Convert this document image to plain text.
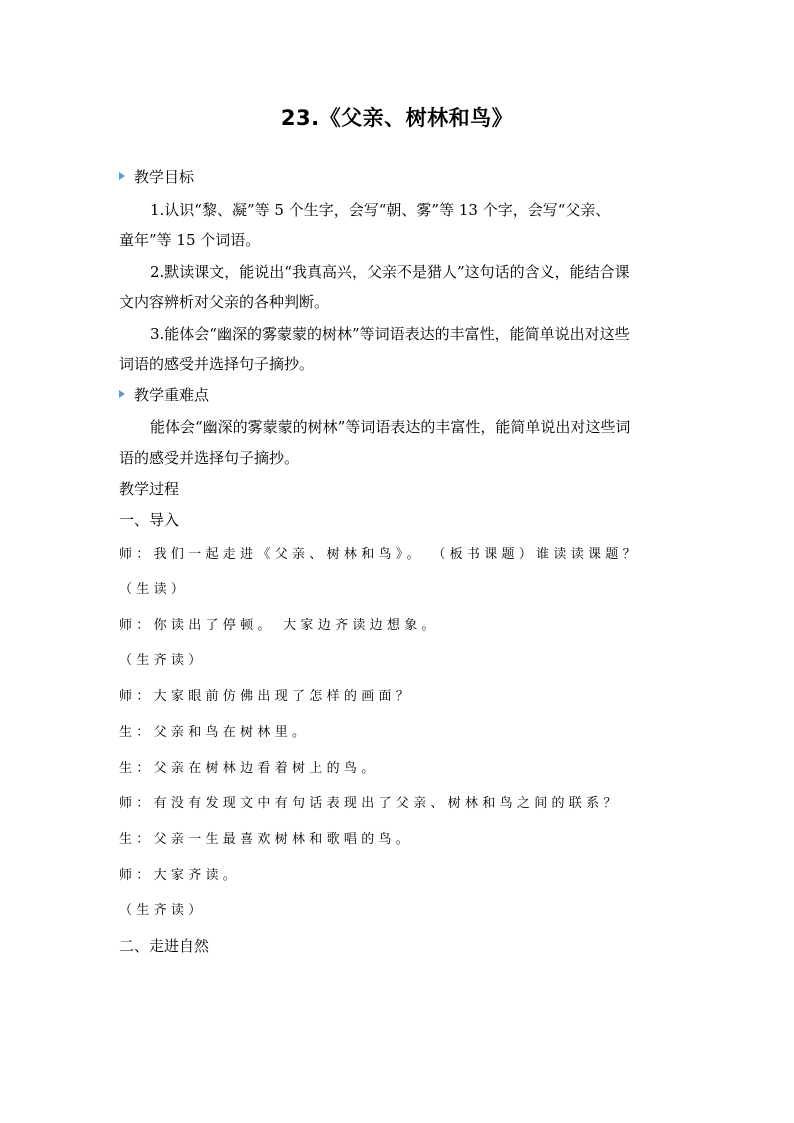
23.《父亲、树林和鸟》
教学目标
1.认识“黎、凝”等 5 个生字，会写“朝、雾”等 13 个字，会写“父亲、
童年”等 15 个词语。
2.默读课文，能说出“我真高兴，父亲不是猎人”这句话的含义，能结合课
文内容辨析对父亲的各种判断。
3.能体会“幽深的雾蒙蒙的树林”等词语表达的丰富性，能简单说出对这些
词语的感受并选择句子摘抄。
教学重难点
能体会“幽深的雾蒙蒙的树林”等词语表达的丰富性，能简单说出对这些词
语的感受并选择句子摘抄。
教学过程
一、导入
师：我们一起走进《父亲、树林和鸟》。 （板书课题）谁读读课题？
（生读）
师：你读出了停顿。 大家边齐读边想象。
（生齐读）
师：大家眼前仿佛出现了怎样的画面？
生：父亲和鸟在树林里。
生：父亲在树林边看着树上的鸟。
师：有没有发现文中有句话表现出了父亲、树林和鸟之间的联系？
生：父亲一生最喜欢树林和歌唱的鸟。
师：大家齐读。
（生齐读）
二、走进自然
